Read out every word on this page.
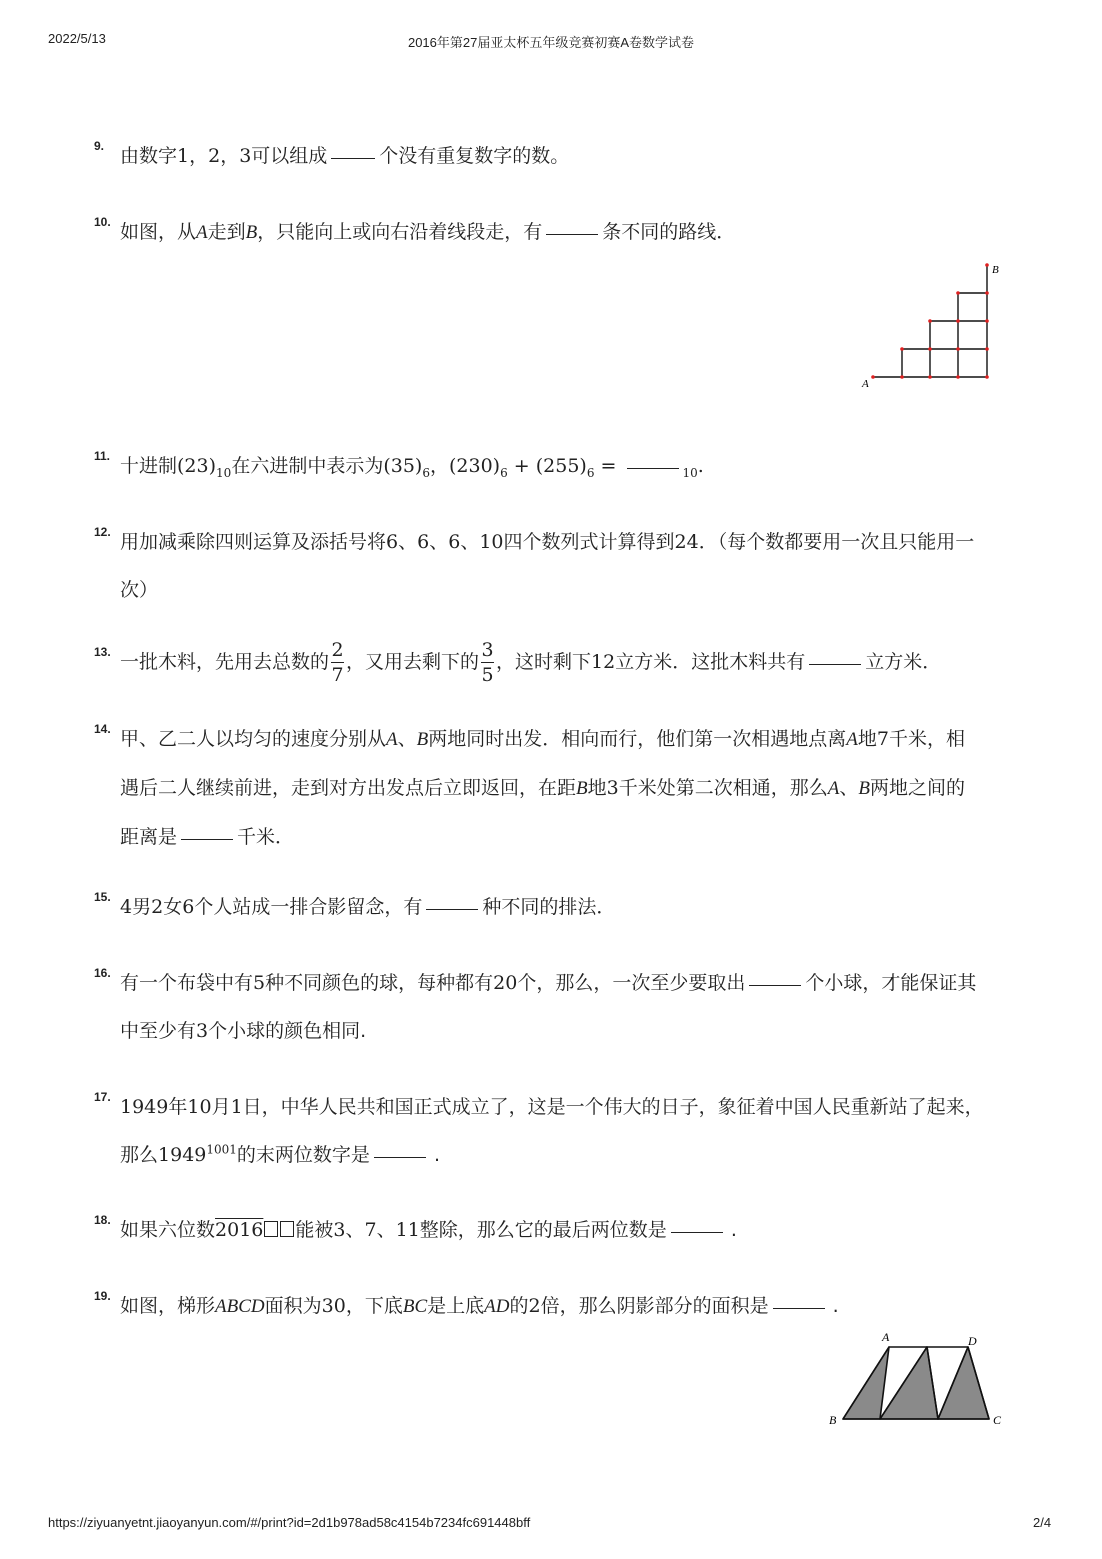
2022/5/13	2016年第27届亚太杯五年级竞赛初赛A卷数学试卷
9. 由数字1，2，3可以组成	个没有重复数字的数。
10. 如图，从A走到B，只能向上或向右沿着线段走，有	条不同的路线．
A
B
11. 十进制$(23)_{10}$在六进制中表示为$(35)_6$，$(230)_6 + (255)_6$ =	$_{10}$.
12. 用加减乘除四则运算及添括号将6、6、6、10四个数列式计算得到24．（每个数都要用一次且只能用一
次）
13. 一批木料，先用去总数的 $\frac{2}{7}$ ，又用去剩下的 $\frac{3}{5}$ ，这时剩下12立方米．这批木料共有	立方米．
14. 甲、乙二人以均匀的速度分别从A、B两地同时出发．相向而行，他们第一次相遇地点离A地7千米，相
遇后二人继续前进，走到对方出发点后立即返回，在距B地3千米处第二次相通，那么A、B两地之间的
距离是	千米．
15. 4男2女6个人站成一排合影留念，有	种不同的排法．
16. 有一个布袋中有5种不同颜色的球，每种都有20个，那么，一次至少要取出	个小球，才能保证其
中至少有3个小球的颜色相同.
17. 1949年10月1日，中华人民共和国正式成立了，这是一个伟大的日子，象征着中国人民重新站了起来，
那么$1949^{1001}$的末两位数字是	.
18. 如果六位数2016 能被3、7、11整除，那么它的最后两位数是	.
19. 如图，梯形ABCD面积为30，下底BC是上底AD的2倍，那么阴影部分的面积是	.
A
B	C
D
https://ziyuanyetnt.jiaoyanyun.com/#/print?id=2d1b978ad58c4154b7234fc691448bff	2/4
